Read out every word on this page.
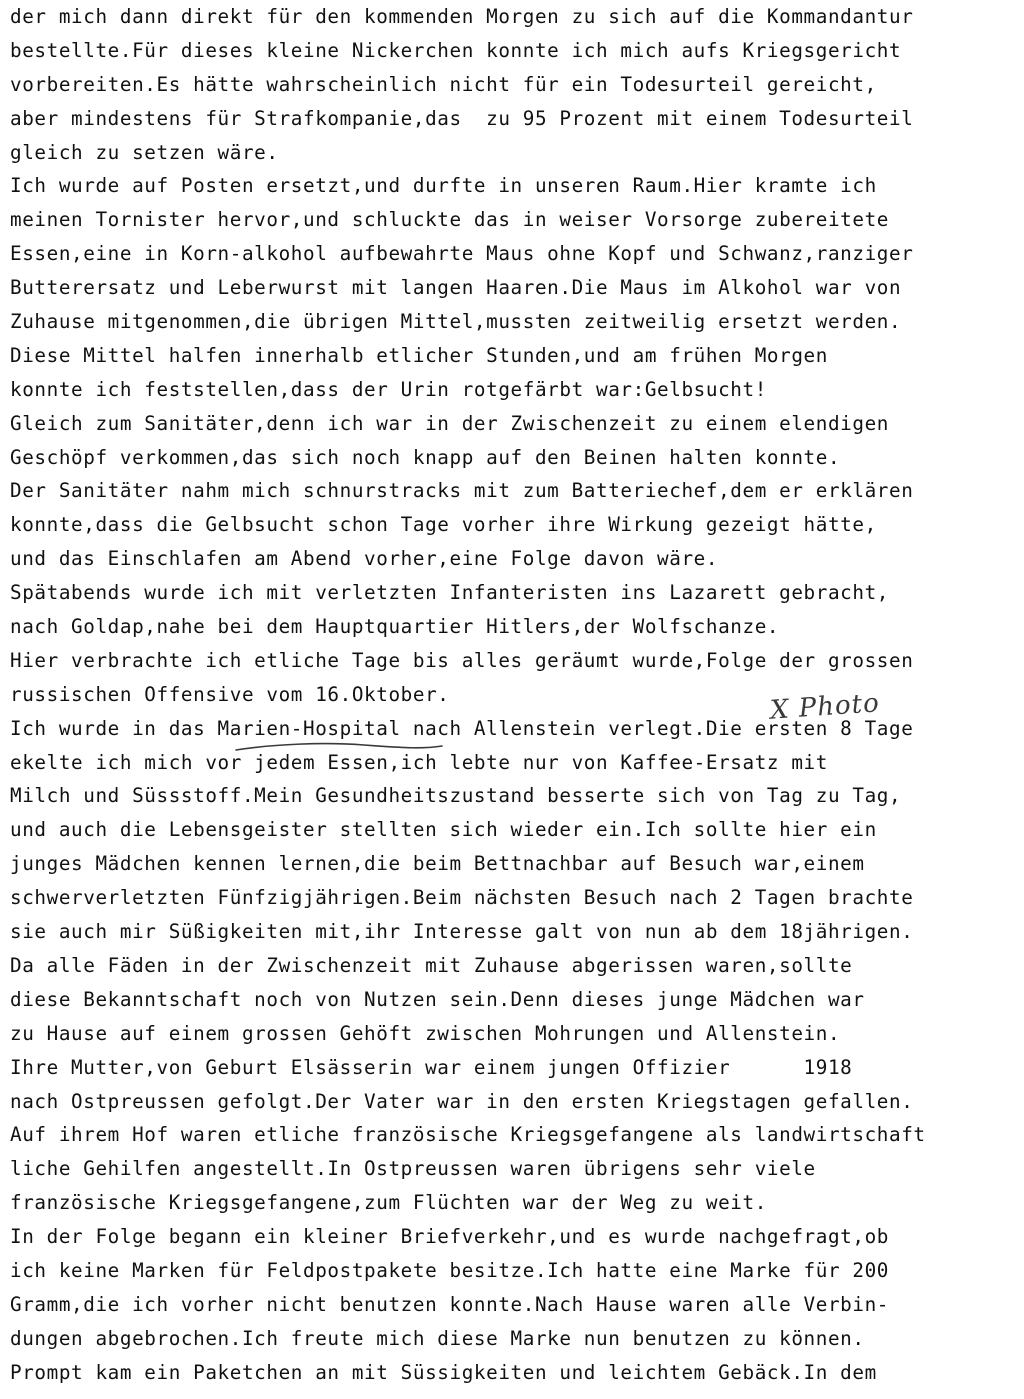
der mich dann direkt für den kommenden Morgen zu sich auf die Kommandantur
bestellte.Für dieses kleine Nickerchen konnte ich mich aufs Kriegsgericht
vorbereiten.Es hätte wahrscheinlich nicht für ein Todesurteil gereicht,
aber mindestens für Strafkompanie,das  zu 95 Prozent mit einem Todesurteil
gleich zu setzen wäre.
Ich wurde auf Posten ersetzt,und durfte in unseren Raum.Hier kramte ich
meinen Tornister hervor,und schluckte das in weiser Vorsorge zubereitete
Essen,eine in Korn-alkohol aufbewahrte Maus ohne Kopf und Schwanz,ranziger
Butterersatz und Leberwurst mit langen Haaren.Die Maus im Alkohol war von
Zuhause mitgenommen,die übrigen Mittel,mussten zeitweilig ersetzt werden.
Diese Mittel halfen innerhalb etlicher Stunden,und am frühen Morgen
konnte ich feststellen,dass der Urin rotgefärbt war:Gelbsucht!
Gleich zum Sanitäter,denn ich war in der Zwischenzeit zu einem elendigen
Geschöpf verkommen,das sich noch knapp auf den Beinen halten konnte.
Der Sanitäter nahm mich schnurstracks mit zum Batteriechef,dem er erklären
konnte,dass die Gelbsucht schon Tage vorher ihre Wirkung gezeigt hätte,
und das Einschlafen am Abend vorher,eine Folge davon wäre.
Spätabends wurde ich mit verletzten Infanteristen ins Lazarett gebracht,
nach Goldap,nahe bei dem Hauptquartier Hitlers,der Wolfschanze.
Hier verbrachte ich etliche Tage bis alles geräumt wurde,Folge der grossen
russischen Offensive vom 16.Oktober.
Ich wurde in das Marien-Hospital nach Allenstein verlegt.Die ersten 8 Tage
ekelte ich mich vor jedem Essen,ich lebte nur von Kaffee-Ersatz mit
Milch und Süssstoff.Mein Gesundheitszustand besserte sich von Tag zu Tag,
und auch die Lebensgeister stellten sich wieder ein.Ich sollte hier ein
junges Mädchen kennen lernen,die beim Bettnachbar auf Besuch war,einem
schwerverletzten Fünfzigjährigen.Beim nächsten Besuch nach 2 Tagen brachte
sie auch mir Süßigkeiten mit,ihr Interesse galt von nun ab dem 18jährigen.
Da alle Fäden in der Zwischenzeit mit Zuhause abgerissen waren,sollte
diese Bekanntschaft noch von Nutzen sein.Denn dieses junge Mädchen war
zu Hause auf einem grossen Gehöft zwischen Mohrungen und Allenstein.
Ihre Mutter,von Geburt Elsässerin war einem jungen Offizier      1918
nach Ostpreussen gefolgt.Der Vater war in den ersten Kriegstagen gefallen.
Auf ihrem Hof waren etliche französische Kriegsgefangene als landwirtschaft
liche Gehilfen angestellt.In Ostpreussen waren übrigens sehr viele
französische Kriegsgefangene,zum Flüchten war der Weg zu weit.
In der Folge begann ein kleiner Briefverkehr,und es wurde nachgefragt,ob
ich keine Marken für Feldpostpakete besitze.Ich hatte eine Marke für 200
Gramm,die ich vorher nicht benutzen konnte.Nach Hause waren alle Verbin-
dungen abgebrochen.Ich freute mich diese Marke nun benutzen zu können.
Prompt kam ein Paketchen an mit Süssigkeiten und leichtem Gebäck.In dem
X Photo
